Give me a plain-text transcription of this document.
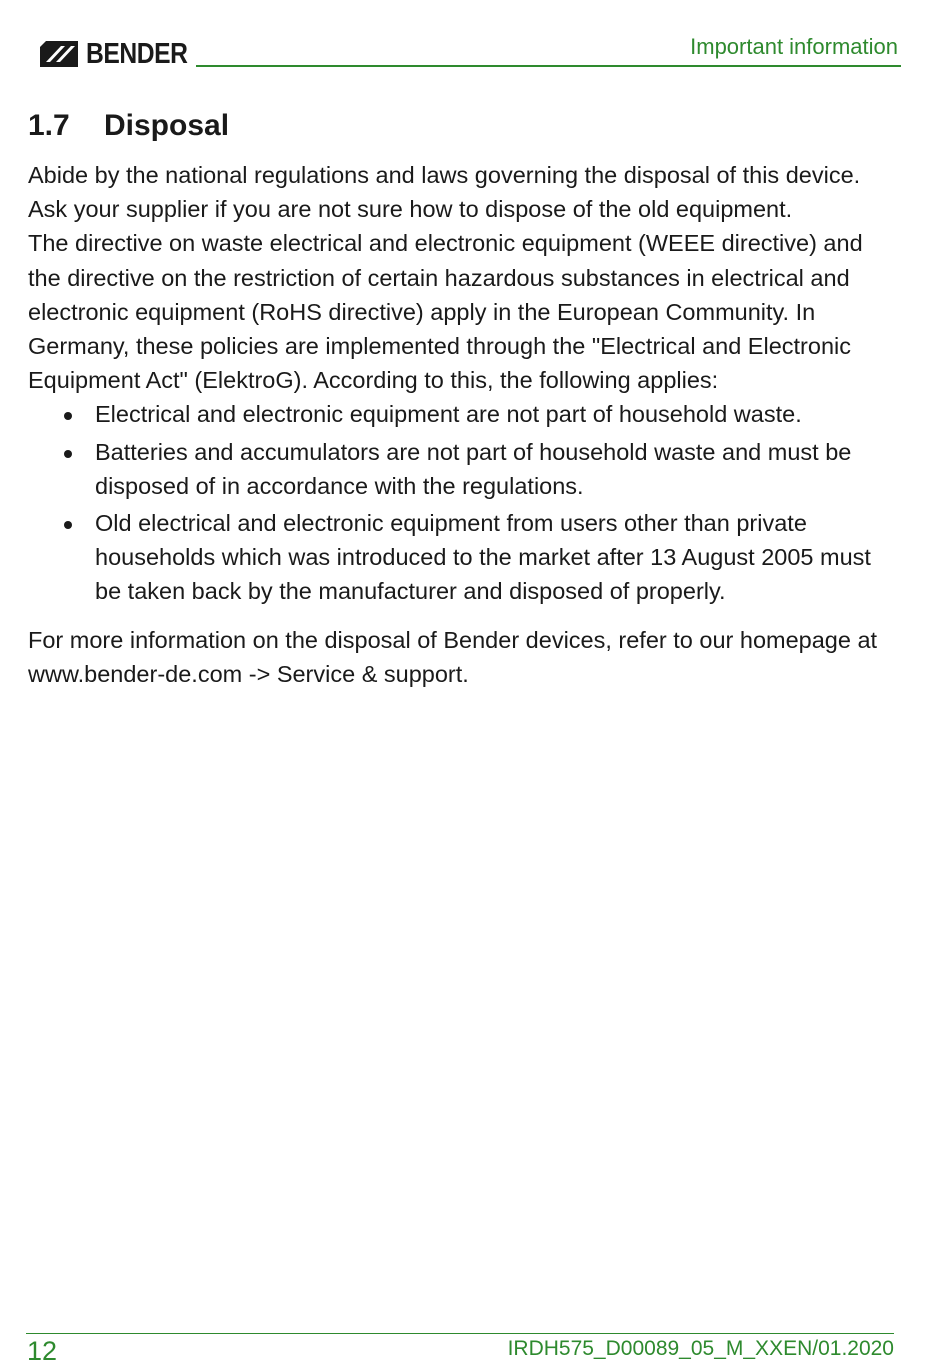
BENDER	Important information
1.7 Disposal

Abide by the national regulations and laws governing the disposal of this device. Ask your supplier if you are not sure how to dispose of the old equipment.

The directive on waste electrical and electronic equipment (WEEE directive) and the directive on the restriction of certain hazardous substances in electrical and electronic equipment (RoHS directive) apply in the European Community. In Germany, these policies are implemented through the "Electrical and Electronic Equipment Act" (ElektroG). According to this, the following applies:

Electrical and electronic equipment are not part of household waste.
Batteries and accumulators are not part of household waste and must be disposed of in accordance with the regulations.
Old electrical and electronic equipment from users other than private households which was introduced to the market after 13 August 2005 must be taken back by the manufacturer and disposed of properly.

For more information on the disposal of Bender devices, refer to our homepage at www.bender-de.com -> Service & support.

12	IRDH575_D00089_05_M_XXEN/01.2020
